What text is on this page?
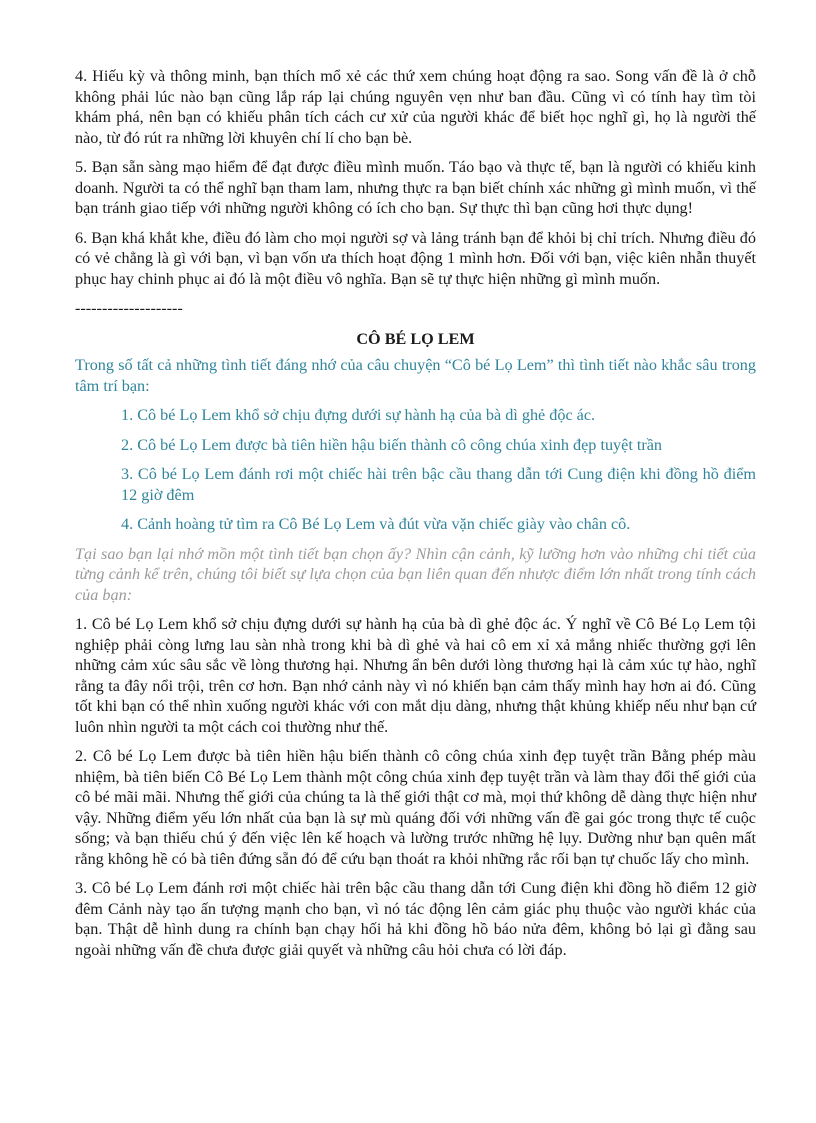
4. Hiếu kỳ và thông minh, bạn thích mổ xẻ các thứ xem chúng hoạt động ra sao. Song vấn đề là ở chỗ không phải lúc nào bạn cũng lắp ráp lại chúng nguyên vẹn như ban đầu. Cũng vì có tính hay tìm tòi khám phá, nên bạn có khiếu phân tích cách cư xử của người khác để biết học nghĩ gì, họ là người thế nào, từ đó rút ra những lời khuyên chí lí cho bạn bè.

5. Bạn sẵn sàng mạo hiểm để đạt được điều mình muốn. Táo bạo và thực tế, bạn là người có khiếu kinh doanh. Người ta có thể nghĩ bạn tham lam, nhưng thực ra bạn biết chính xác những gì mình muốn, vì thế bạn tránh giao tiếp với những người không có ích cho bạn. Sự thực thì bạn cũng hơi thực dụng!

6. Bạn khá khắt khe, điều đó làm cho mọi người sợ và lảng tránh bạn để khỏi bị chỉ trích. Nhưng điều đó có vẻ chẳng là gì với bạn, vì bạn vốn ưa thích hoạt động 1 mình hơn. Đối với bạn, việc kiên nhẫn thuyết phục hay chinh phục ai đó là một điều vô nghĩa. Bạn sẽ tự thực hiện những gì mình muốn.

--------------------

CÔ BÉ LỌ LEM

Trong số tất cả những tình tiết đáng nhớ của câu chuyện “Cô bé Lọ Lem” thì tình tiết nào khắc sâu trong tâm trí bạn:

1. Cô bé Lọ Lem khổ sở chịu đựng dưới sự hành hạ của bà dì ghẻ độc ác.

2. Cô bé Lọ Lem được bà tiên hiền hậu biến thành cô công chúa xinh đẹp tuyệt trần

3. Cô bé Lọ Lem đánh rơi một chiếc hài trên bậc cầu thang dẫn tới Cung điện khi đồng hồ điểm 12 giờ đêm

4. Cảnh hoàng tử tìm ra Cô Bé Lọ Lem và đút vừa vặn chiếc giày vào chân cô.

Tại sao bạn lại nhớ mồn một tình tiết bạn chọn ấy? Nhìn cận cảnh, kỹ lưỡng hơn vào những chi tiết của từng cảnh kể trên, chúng tôi biết sự lựa chọn của bạn liên quan đến nhược điểm lớn nhất trong tính cách của bạn:

1. Cô bé Lọ Lem khổ sở chịu đựng dưới sự hành hạ của bà dì ghẻ độc ác. Ý nghĩ về Cô Bé Lọ Lem tội nghiệp phải còng lưng lau sàn nhà trong khi bà dì ghẻ và hai cô em xỉ xả mắng nhiếc thường gợi lên những cảm xúc sâu sắc về lòng thương hại. Nhưng ẩn bên dưới lòng thương hại là cảm xúc tự hào, nghĩ rằng ta đây nổi trội, trên cơ hơn. Bạn nhớ cảnh này vì nó khiến bạn cảm thấy mình hay hơn ai đó. Cũng tốt khi bạn có thể nhìn xuống người khác với con mắt dịu dàng, nhưng thật khủng khiếp nếu như bạn cứ luôn nhìn người ta một cách coi thường như thế.

2. Cô bé Lọ Lem được bà tiên hiền hậu biến thành cô công chúa xinh đẹp tuyệt trần Bằng phép màu nhiệm, bà tiên biến Cô Bé Lọ Lem thành một công chúa xinh đẹp tuyệt trần và làm thay đổi thế giới của cô bé mãi mãi. Nhưng thế giới của chúng ta là thế giới thật cơ mà, mọi thứ không dễ dàng thực hiện như vậy. Những điểm yếu lớn nhất của bạn là sự mù quáng đối với những vấn đề gai góc trong thực tế cuộc sống; và bạn thiếu chú ý đến việc lên kế hoạch và lường trước những hệ lụy. Dường như bạn quên mất rằng không hề có bà tiên đứng sẵn đó để cứu bạn thoát ra khỏi những rắc rối bạn tự chuốc lấy cho mình.

3. Cô bé Lọ Lem đánh rơi một chiếc hài trên bậc cầu thang dẫn tới Cung điện khi đồng hồ điểm 12 giờ đêm Cảnh này tạo ấn tượng mạnh cho bạn, vì nó tác động lên cảm giác phụ thuộc vào người khác của bạn. Thật dễ hình dung ra chính bạn chạy hối hả khi đồng hồ báo nửa đêm, không bỏ lại gì đằng sau ngoài những vấn đề chưa được giải quyết và những câu hỏi chưa có lời đáp.
